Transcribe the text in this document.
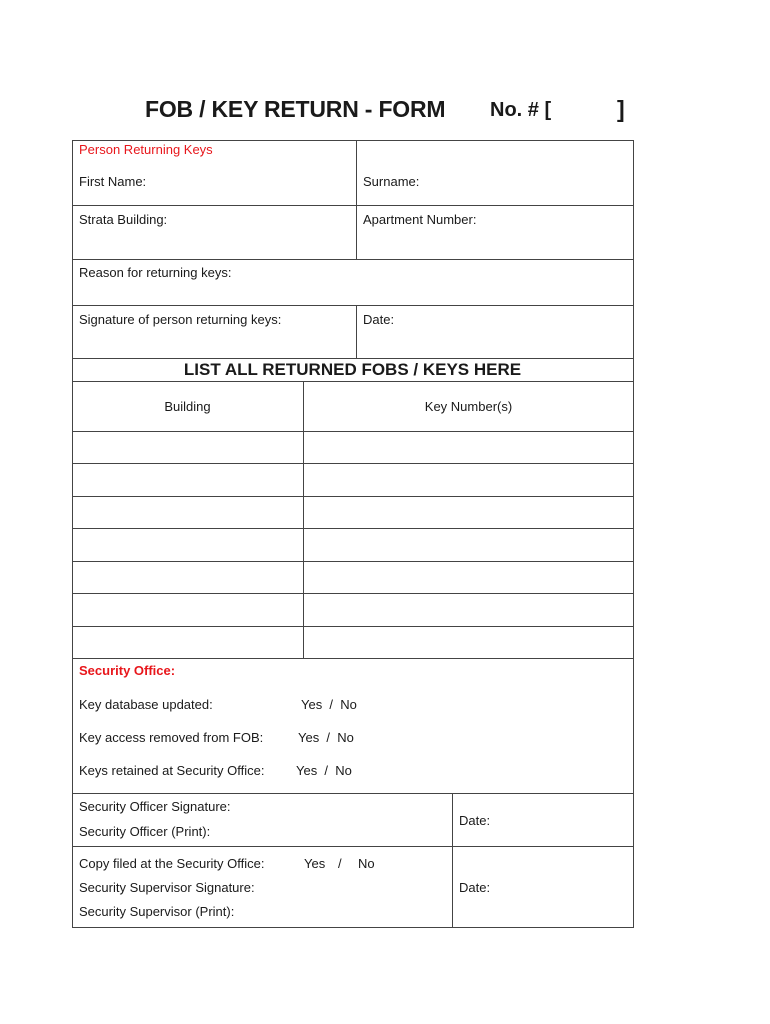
FOB / KEY RETURN - FORM No. # [	]
Person Returning Keys
First Name:	Surname:
Strata Building:	Apartment Number:
Reason for returning keys:
Signature of person returning keys:	Date:
LIST ALL RETURNED FOBS / KEYS HERE
Building	Key Number(s)
Security Office:
Key database updated:	Yes  /  No
Key access removed from FOB:	Yes  /  No
Keys retained at Security Office: Yes  /  No
Security Officer Signature:
Security Officer (Print):
Date:
Copy filed at the Security Office:	Yes / No
Security Supervisor Signature:
Security Supervisor (Print):
Date:
